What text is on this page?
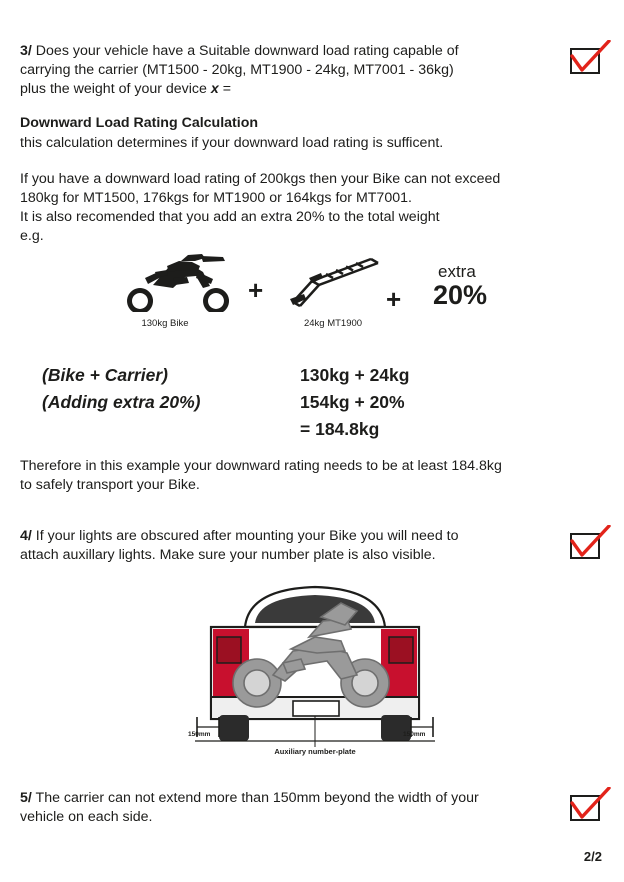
3/ Does your vehicle have a Suitable downward load rating capable of
carrying the carrier (MT1500 - 20kg, MT1900 - 24kg, MT7001 - 36kg)
plus the weight of your device x =
Downward Load Rating Calculation
this calculation determines if your downward load rating is sufficent.
If you have a downward load rating of 200kgs then your Bike can not exceed
180kg for MT1500, 176kgs for MT1900 or 164kgs for MT7001.
It is also recomended that you add an extra 20% to the total weight
e.g.
130kg Bike
+
24kg MT1900
+
extra
20%
(Bike + Carrier)
(Adding extra 20%)
130kg + 24kg
154kg + 20%
= 184.8kg
Therefore in this example your downward rating needs to be at least 184.8kg
to safely transport your Bike.
4/ If your lights are obscured after mounting your Bike you will need to
attach auxillary lights. Make sure your number plate is also visible.
150mm	150mm
Auxiliary number-plate
5/ The carrier can not extend more than 150mm beyond the width of your
vehicle on each side.
2/2
